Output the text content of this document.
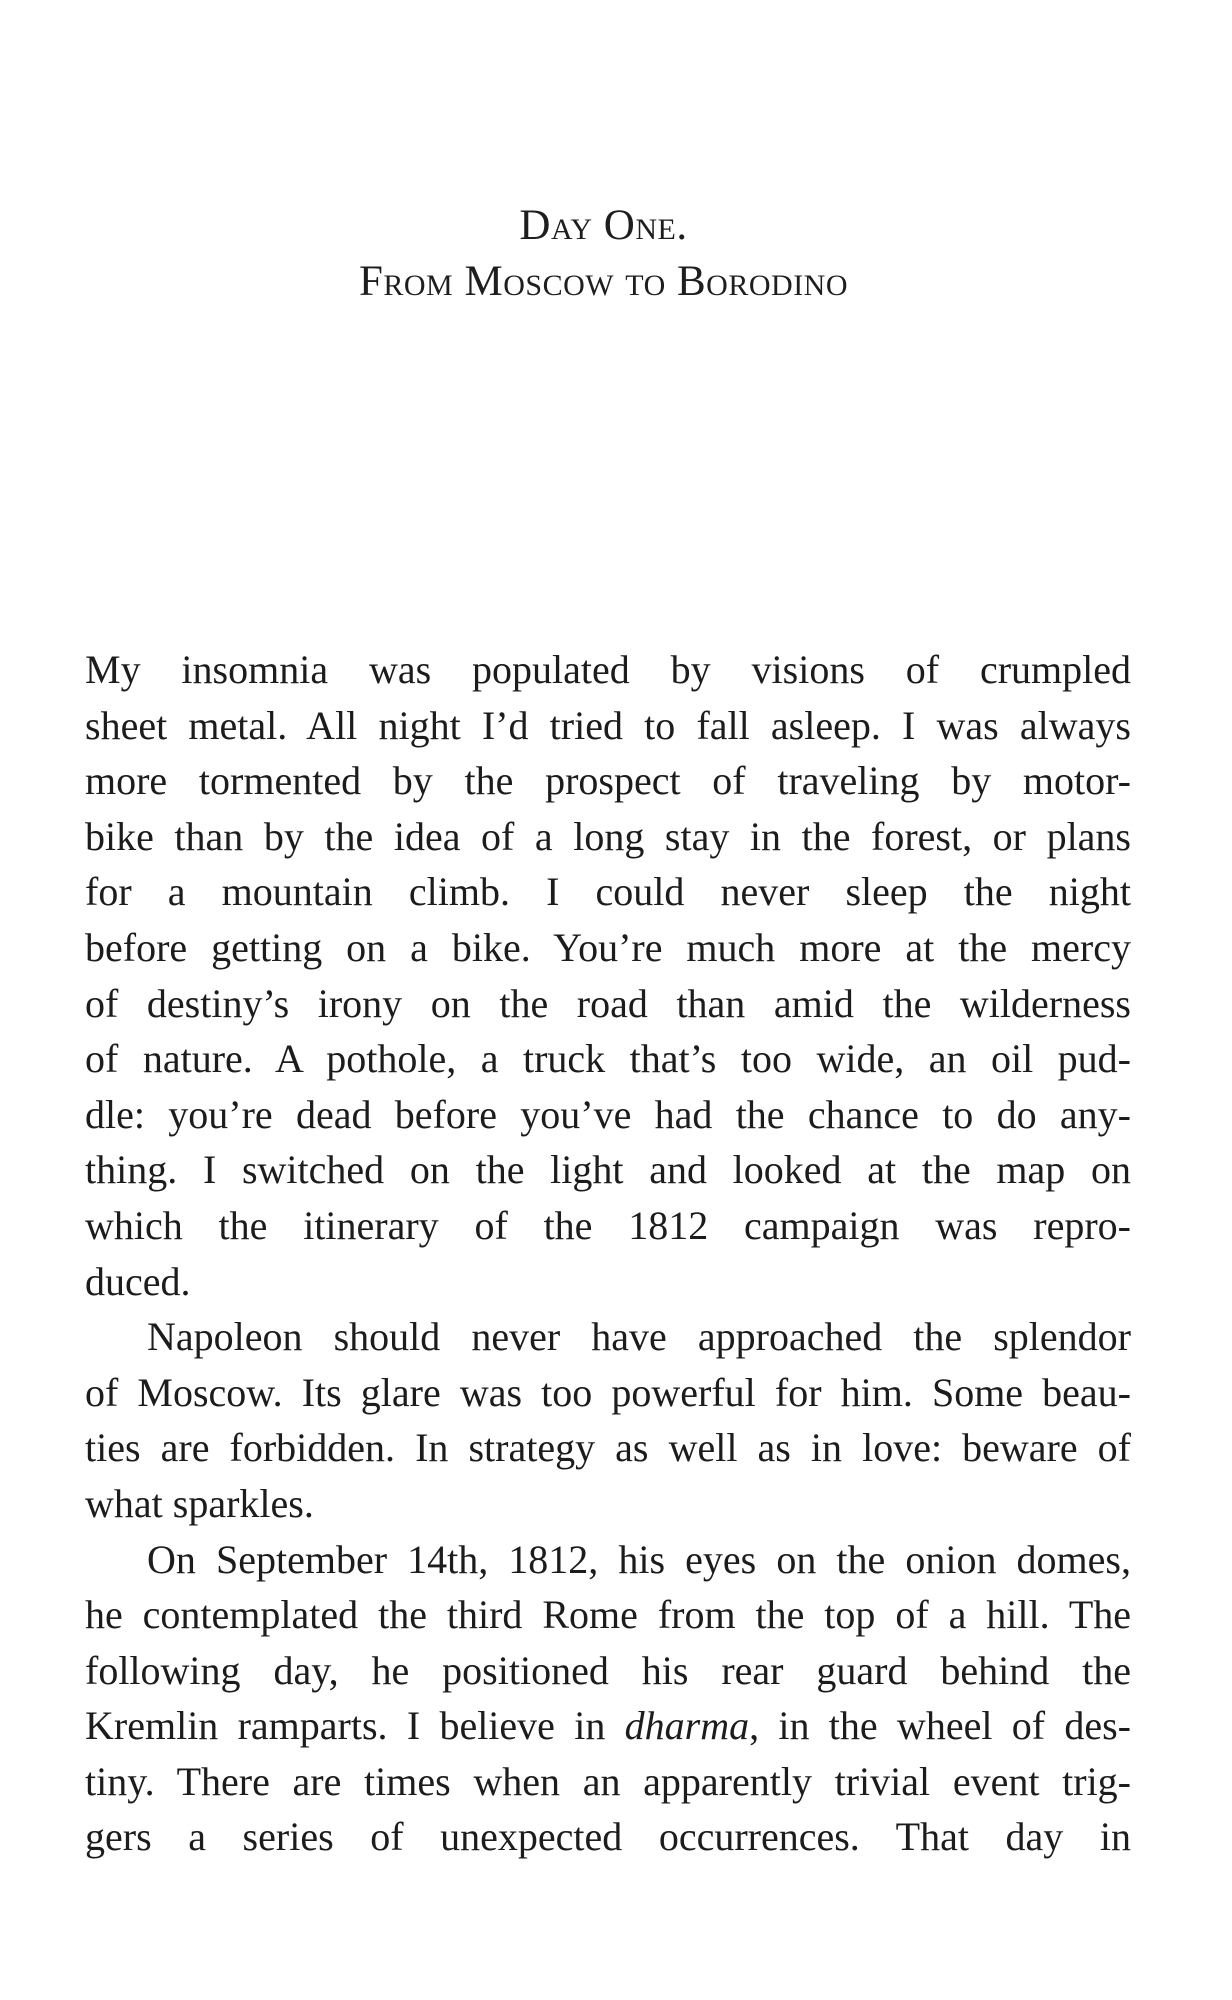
Day One.
From Moscow to Borodino
My insomnia was populated by visions of crumpled
sheet metal. All night I’d tried to fall asleep. I was always
more tormented by the prospect of traveling by motor-
bike than by the idea of a long stay in the forest, or plans
for a mountain climb. I could never sleep the night
before getting on a bike. You’re much more at the mercy
of destiny’s irony on the road than amid the wilderness
of nature. A pothole, a truck that’s too wide, an oil pud-
dle: you’re dead before you’ve had the chance to do any-
thing. I switched on the light and looked at the map on
which the itinerary of the 1812 campaign was repro-
duced.
Napoleon should never have approached the splendor
of Moscow. Its glare was too powerful for him. Some beau-
ties are forbidden. In strategy as well as in love: beware of
what sparkles.
On September 14th, 1812, his eyes on the onion domes,
he contemplated the third Rome from the top of a hill. The
following day, he positioned his rear guard behind the
Kremlin ramparts. I believe in dharma, in the wheel of des-
tiny. There are times when an apparently trivial event trig-
gers a series of unexpected occurrences. That day in
